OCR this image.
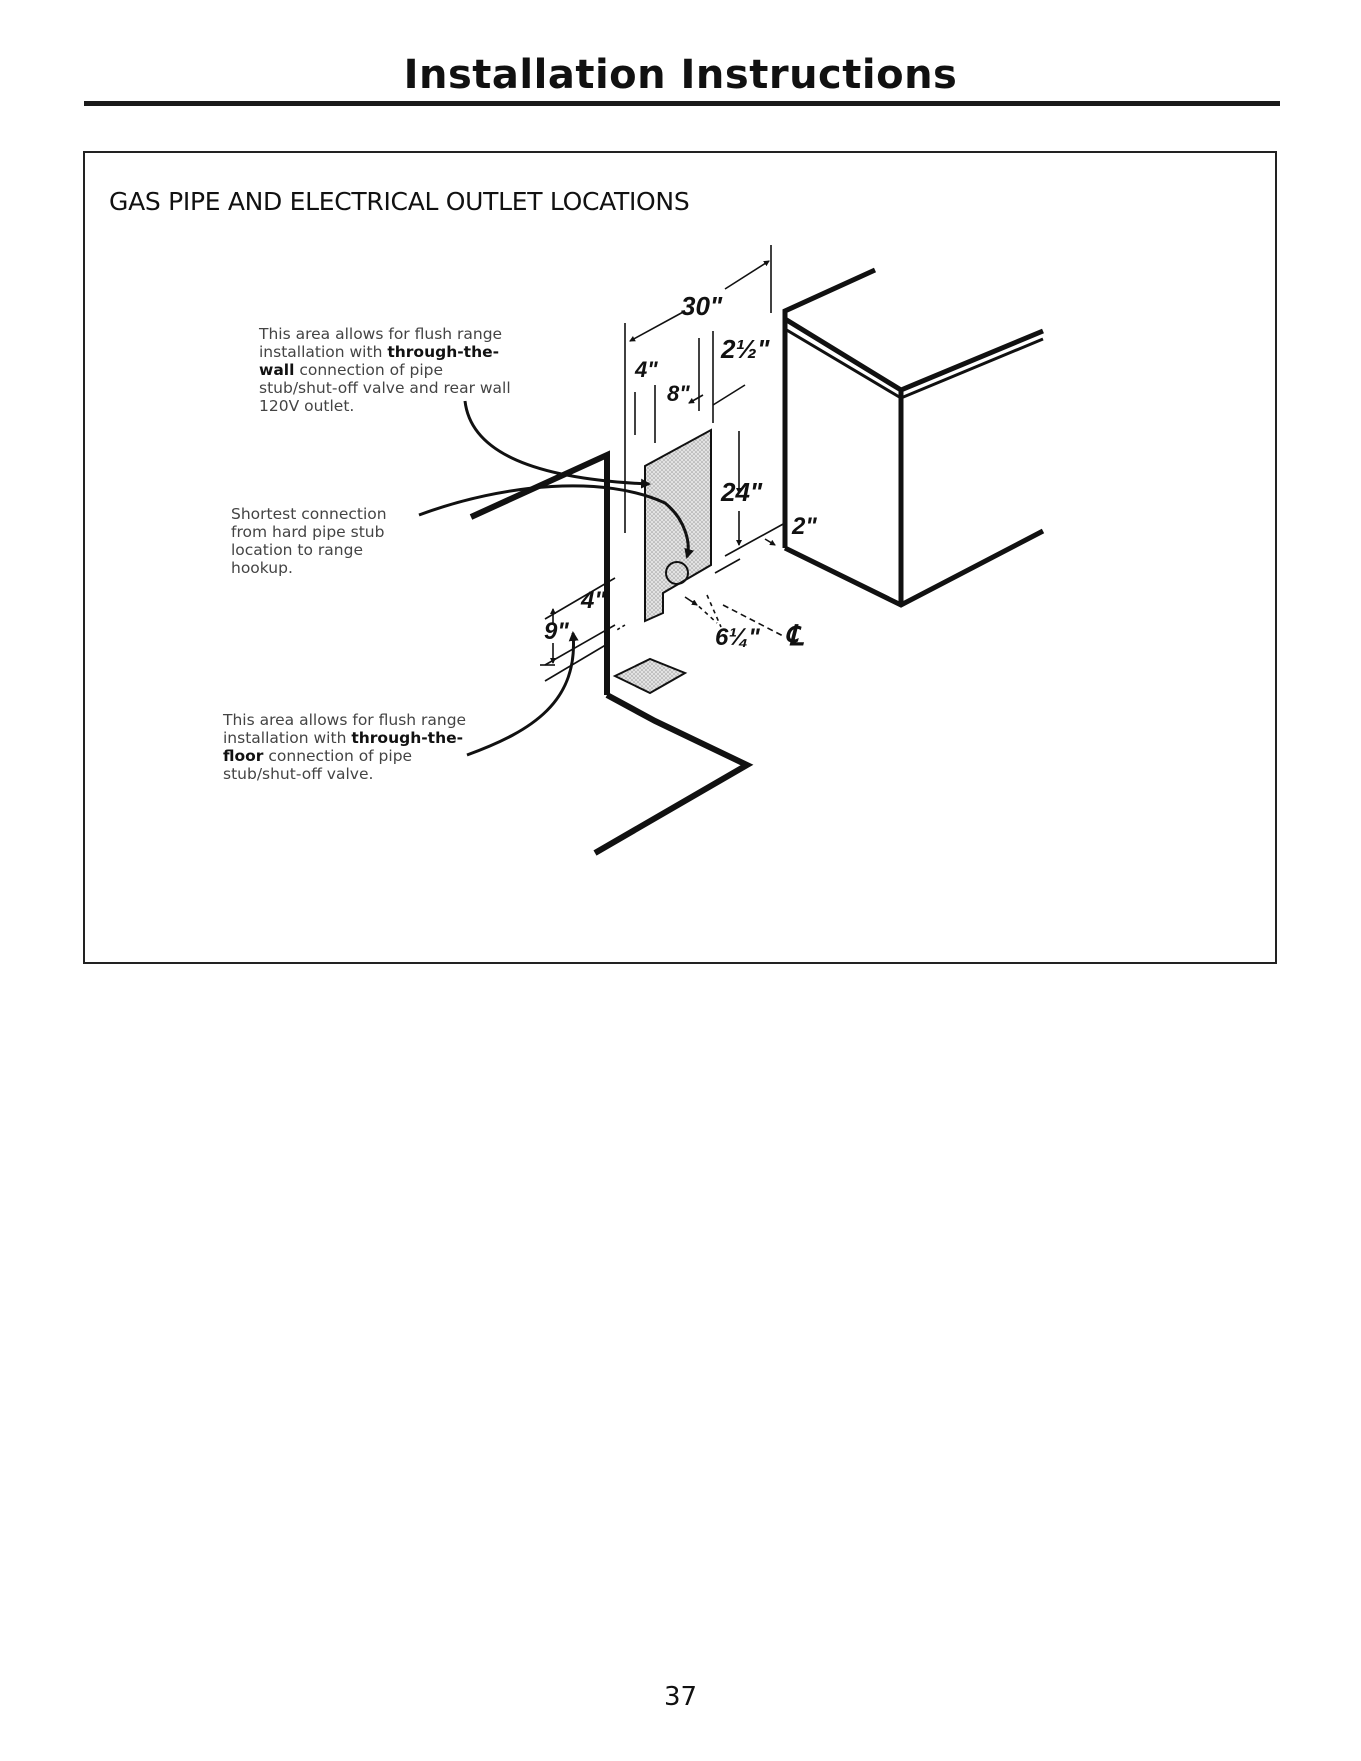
Installation Instructions
GAS PIPE AND ELECTRICAL OUTLET LOCATIONS
30"
2½"
4"
8"
24"
2"
4"
9"	6¼" ℄

This area allows for flush range installation with through-the-wall connection of pipe stub/shut-off valve and rear wall 120V outlet.

Shortest connection from hard pipe stub location to range hookup.

This area allows for flush range installation with through-the-floor connection of pipe stub/shut-off valve.

37
